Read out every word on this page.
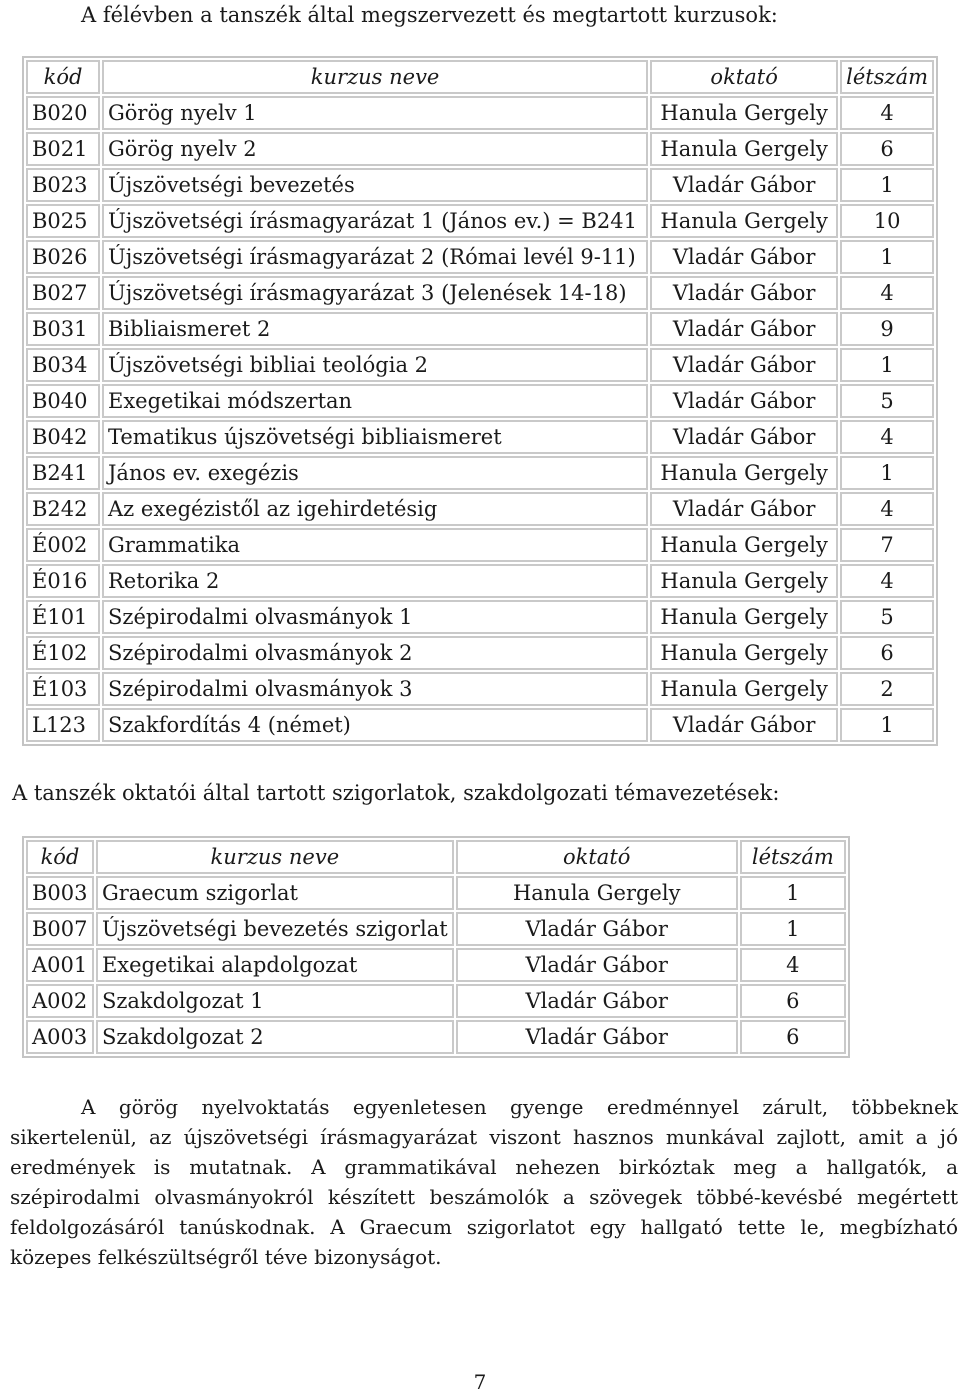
A félévben a tanszék által megszervezett és megtartott kurzusok:
kód	kurzus neve	oktató	létszám
B020	Görög nyelv 1	Hanula Gergely	4
B021	Görög nyelv 2	Hanula Gergely	6
B023	Újszövetségi bevezetés	Vladár Gábor	1
B025	Újszövetségi írásmagyarázat 1 (János ev.) = B241	Hanula Gergely	10
B026	Újszövetségi írásmagyarázat 2 (Római levél 9-11)	Vladár Gábor	1
B027	Újszövetségi írásmagyarázat 3 (Jelenések 14-18)	Vladár Gábor	4
B031	Bibliaismeret 2	Vladár Gábor	9
B034	Újszövetségi bibliai teológia 2	Vladár Gábor	1
B040	Exegetikai módszertan	Vladár Gábor	5
B042	Tematikus újszövetségi bibliaismeret	Vladár Gábor	4
B241	János ev. exegézis	Hanula Gergely	1
B242	Az exegézistől az igehirdetésig	Vladár Gábor	4
É002	Grammatika	Hanula Gergely	7
É016	Retorika 2	Hanula Gergely	4
É101	Szépirodalmi olvasmányok 1	Hanula Gergely	5
É102	Szépirodalmi olvasmányok 2	Hanula Gergely	6
É103	Szépirodalmi olvasmányok 3	Hanula Gergely	2
L123	Szakfordítás 4 (német)	Vladár Gábor	1
A tanszék oktatói által tartott szigorlatok, szakdolgozati témavezetések:
kód	kurzus neve	oktató	létszám
B003	Graecum szigorlat	Hanula Gergely	1
B007	Újszövetségi bevezetés szigorlat	Vladár Gábor	1
A001	Exegetikai alapdolgozat	Vladár Gábor	4
A002	Szakdolgozat 1	Vladár Gábor	6
A003	Szakdolgozat 2	Vladár Gábor	6

A görög nyelvoktatás egyenletesen gyenge eredménnyel zárult, többeknek sikertelenül, az újszövetségi írásmagyarázat viszont hasznos munkával zajlott, amit a jó eredmények is mutatnak. A grammatikával nehezen birkóztak meg a hallgatók, a szépirodalmi olvasmányokról készített beszámolók a szövegek többé-kevésbé megértett feldolgozásáról tanúskodnak. A Graecum szigorlatot egy hallgató tette le, megbízható közepes felkészültségről téve bizonyságot.

7
